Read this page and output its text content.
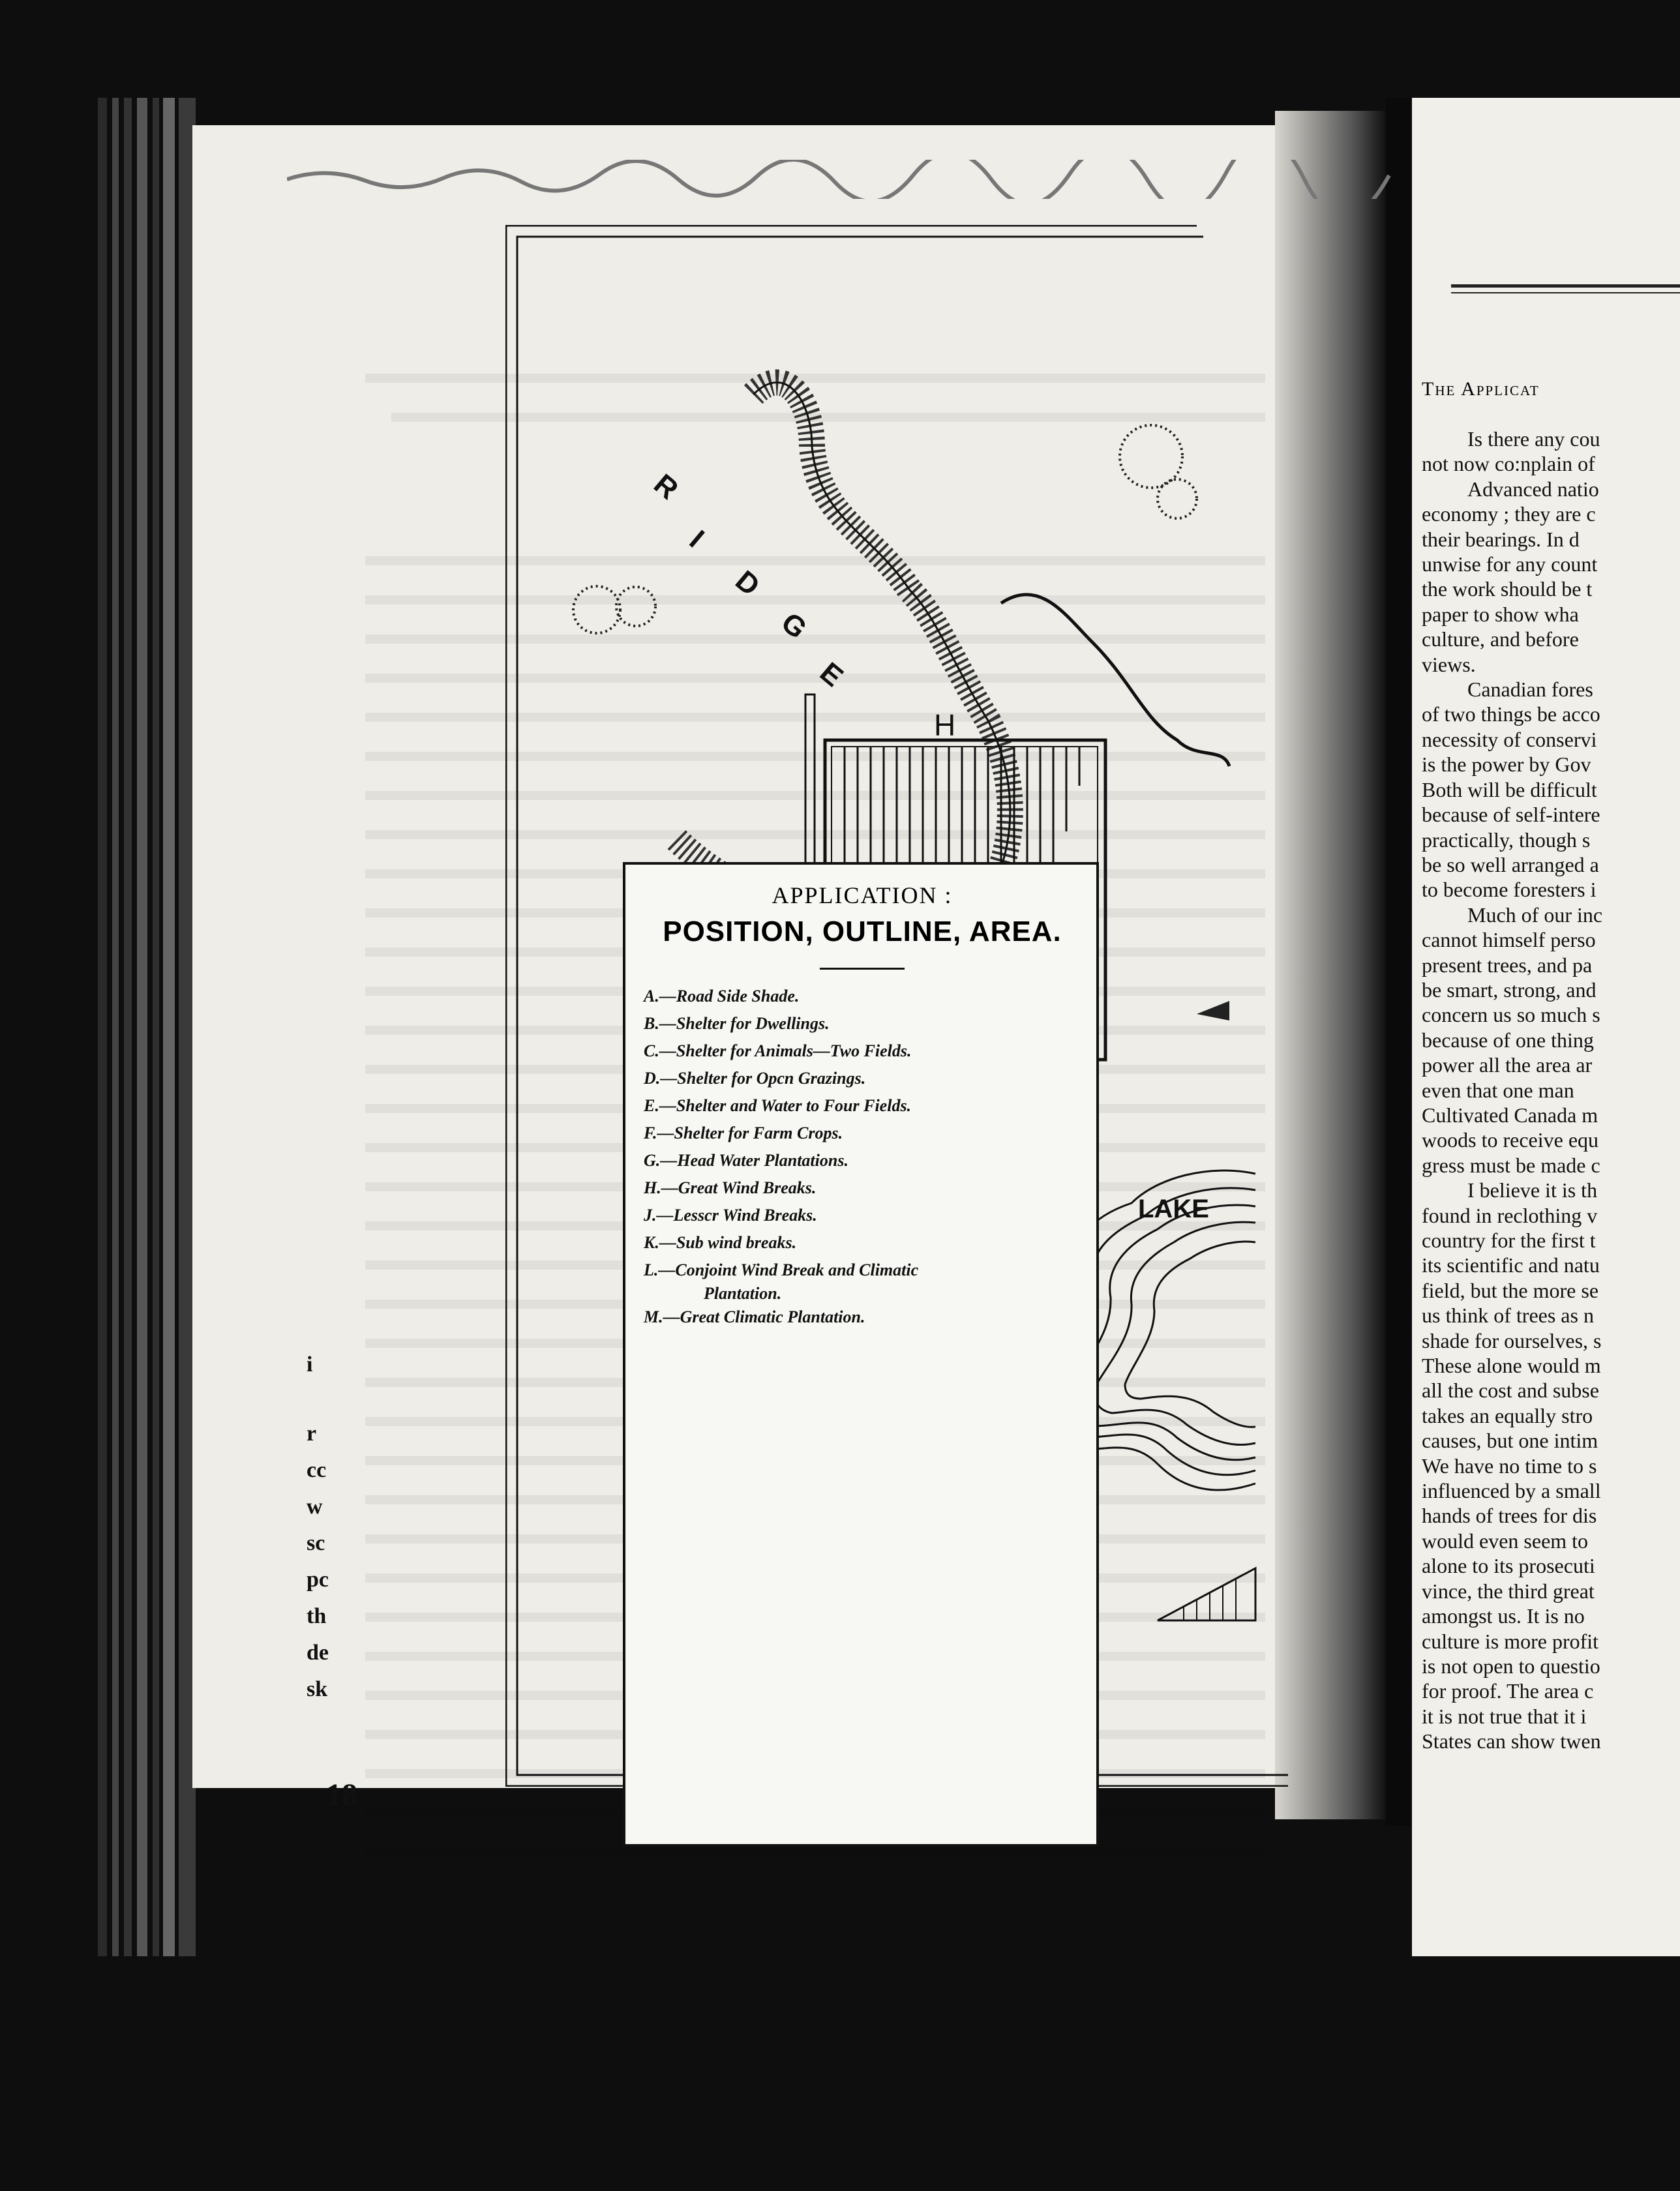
R
I
D
G
E
H
LAKE
APPLICATION :
POSITION, OUTLINE, AREA.
A.—Road Side Shade.
B.—Shelter for Dwellings.
C.—Shelter for Animals—Two Fields.
D.—Shelter for Opcn Grazings.
E.—Shelter and Water to Four Fields.
F.—Shelter for Farm Crops.
G.—Head Water Plantations.
H.—Great Wind Breaks.
J.—Lesscr Wind Breaks.
K.—Sub wind breaks.
L.—Conjoint Wind Break and Climatic
Plantation.
M.—Great Climatic Plantation.
i
r
cc
w
sc
pc
th
de
sk
18
The Applicat
Is there any cou
not now co:nplain of
Advanced natio
economy ; they are c
their bearings. In d
unwise for any count
the work should be t
paper to show wha
culture, and before
views.
Canadian fores
of two things be acco
necessity of conservi
is the power by Gov
Both will be difficult
because of self-intere
practically, though s
be so well arranged a
to become foresters i
Much of our inc
cannot himself perso
present trees, and pa
be smart, strong, and
concern us so much s
because of one thing
power all the area ar
even that one man
Cultivated Canada m
woods to receive equ
gress must be made c
I believe it is th
found in reclothing v
country for the first t
its scientific and natu
field, but the more se
us think of trees as n
shade for ourselves, s
These alone would m
all the cost and subse
takes an equally stro
causes, but one intim
We have no time to s
influenced by a small
hands of trees for dis
would even seem to
alone to its prosecuti
vince, the third great
amongst us. It is no
culture is more profit
is not open to questio
for proof. The area c
it is not true that it i
States can show twen
